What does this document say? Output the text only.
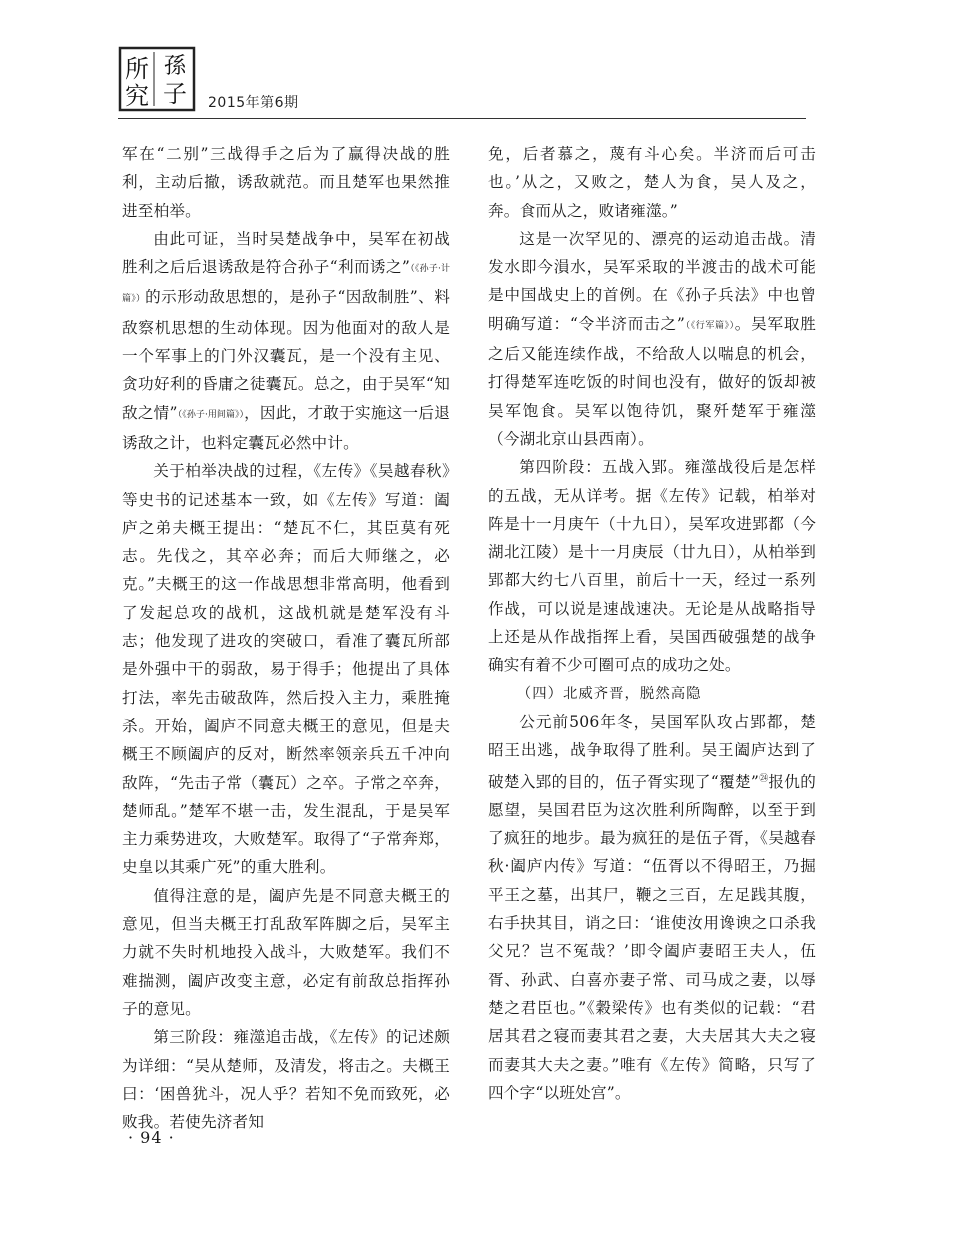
所 孫
究 子 2015年第6期

军在“二别”三战得手之后为了赢得决战的胜利，主动后撤，诱敌就范。而且楚军也果然推进至柏举。

由此可证，当时吴楚战争中，吴军在初战胜利之后后退诱敌是符合孙子“利而诱之”（《孙子·计篇》）的示形动敌思想的，是孙子“因敌制胜”、料敌察机思想的生动体现。因为他面对的敌人是一个军事上的门外汉囊瓦，是一个没有主见、贪功好利的昏庸之徒囊瓦。总之，由于吴军“知敌之情”（《孙子·用间篇》），因此，才敢于实施这一后退诱敌之计，也料定囊瓦必然中计。

关于柏举决战的过程，《左传》《吴越春秋》等史书的记述基本一致，如《左传》写道：阖庐之弟夫概王提出：“楚瓦不仁，其臣莫有死志。先伐之，其卒必奔；而后大师继之，必克。”夫概王的这一作战思想非常高明，他看到了发起总攻的战机，这战机就是楚军没有斗志；他发现了进攻的突破口，看准了囊瓦所部是外强中干的弱敌，易于得手；他提出了具体打法，率先击破敌阵，然后投入主力，乘胜掩杀。开始，阖庐不同意夫概王的意见，但是夫概王不顾阖庐的反对，断然率领亲兵五千冲向敌阵，“先击子常（囊瓦）之卒。子常之卒奔，楚师乱。”楚军不堪一击，发生混乱，于是吴军主力乘势进攻，大败楚军。取得了“子常奔郑，史皇以其乘广死”的重大胜利。

值得注意的是，阖庐先是不同意夫概王的意见，但当夫概王打乱敌军阵脚之后，吴军主力就不失时机地投入战斗，大败楚军。我们不难揣测，阖庐改变主意，必定有前敌总指挥孙子的意见。

第三阶段：雍澨追击战，《左传》的记述颇为详细：“吴从楚师，及清发，将击之。夫概王曰：‘困兽犹斗，况人乎？若知不免而致死，必败我。若使先济者知

免，后者慕之，蔑有斗心矣。半济而后可击也。’从之，又败之，楚人为食，吴人及之，奔。食而从之，败诸雍澨。”

这是一次罕见的、漂亮的运动追击战。清发水即今溳水，吴军采取的半渡击的战术可能是中国战史上的首例。在《孙子兵法》中也曾明确写道：“令半济而击之”（《行军篇》）。吴军取胜之后又能连续作战，不给敌人以喘息的机会，打得楚军连吃饭的时间也没有，做好的饭却被吴军饱食。吴军以饱待饥，聚歼楚军于雍澨（今湖北京山县西南）。

第四阶段：五战入郢。雍澨战役后是怎样的五战，无从详考。据《左传》记载，柏举对阵是十一月庚午（十九日），吴军攻进郢都（今湖北江陵）是十一月庚辰（廿九日），从柏举到郢都大约七八百里，前后十一天，经过一系列作战，可以说是速战速决。无论是从战略指导上还是从作战指挥上看，吴国西破强楚的战争确实有着不少可圈可点的成功之处。

（四）北威齐晋，脱然高隐

公元前506年冬，吴国军队攻占郢都，楚昭王出逃，战争取得了胜利。吴王阖庐达到了破楚入郢的目的，伍子胥实现了“覆楚”$^㉔$报仇的愿望，吴国君臣为这次胜利所陶醉，以至于到了疯狂的地步。最为疯狂的是伍子胥，《吴越春秋·阖庐内传》写道：“伍胥以不得昭王，乃掘平王之墓，出其尸，鞭之三百，左足践其腹，右手抉其目，诮之曰：‘谁使汝用谗谀之口杀我父兄？岂不冤哉？’即令阖庐妻昭王夫人，伍胥、孙武、白喜亦妻子常、司马成之妻，以辱楚之君臣也。”《穀梁传》也有类似的记载：“君居其君之寝而妻其君之妻，大夫居其大夫之寝而妻其大夫之妻。”唯有《左传》简略，只写了四个字“以班处宫”。

· 94 ·
